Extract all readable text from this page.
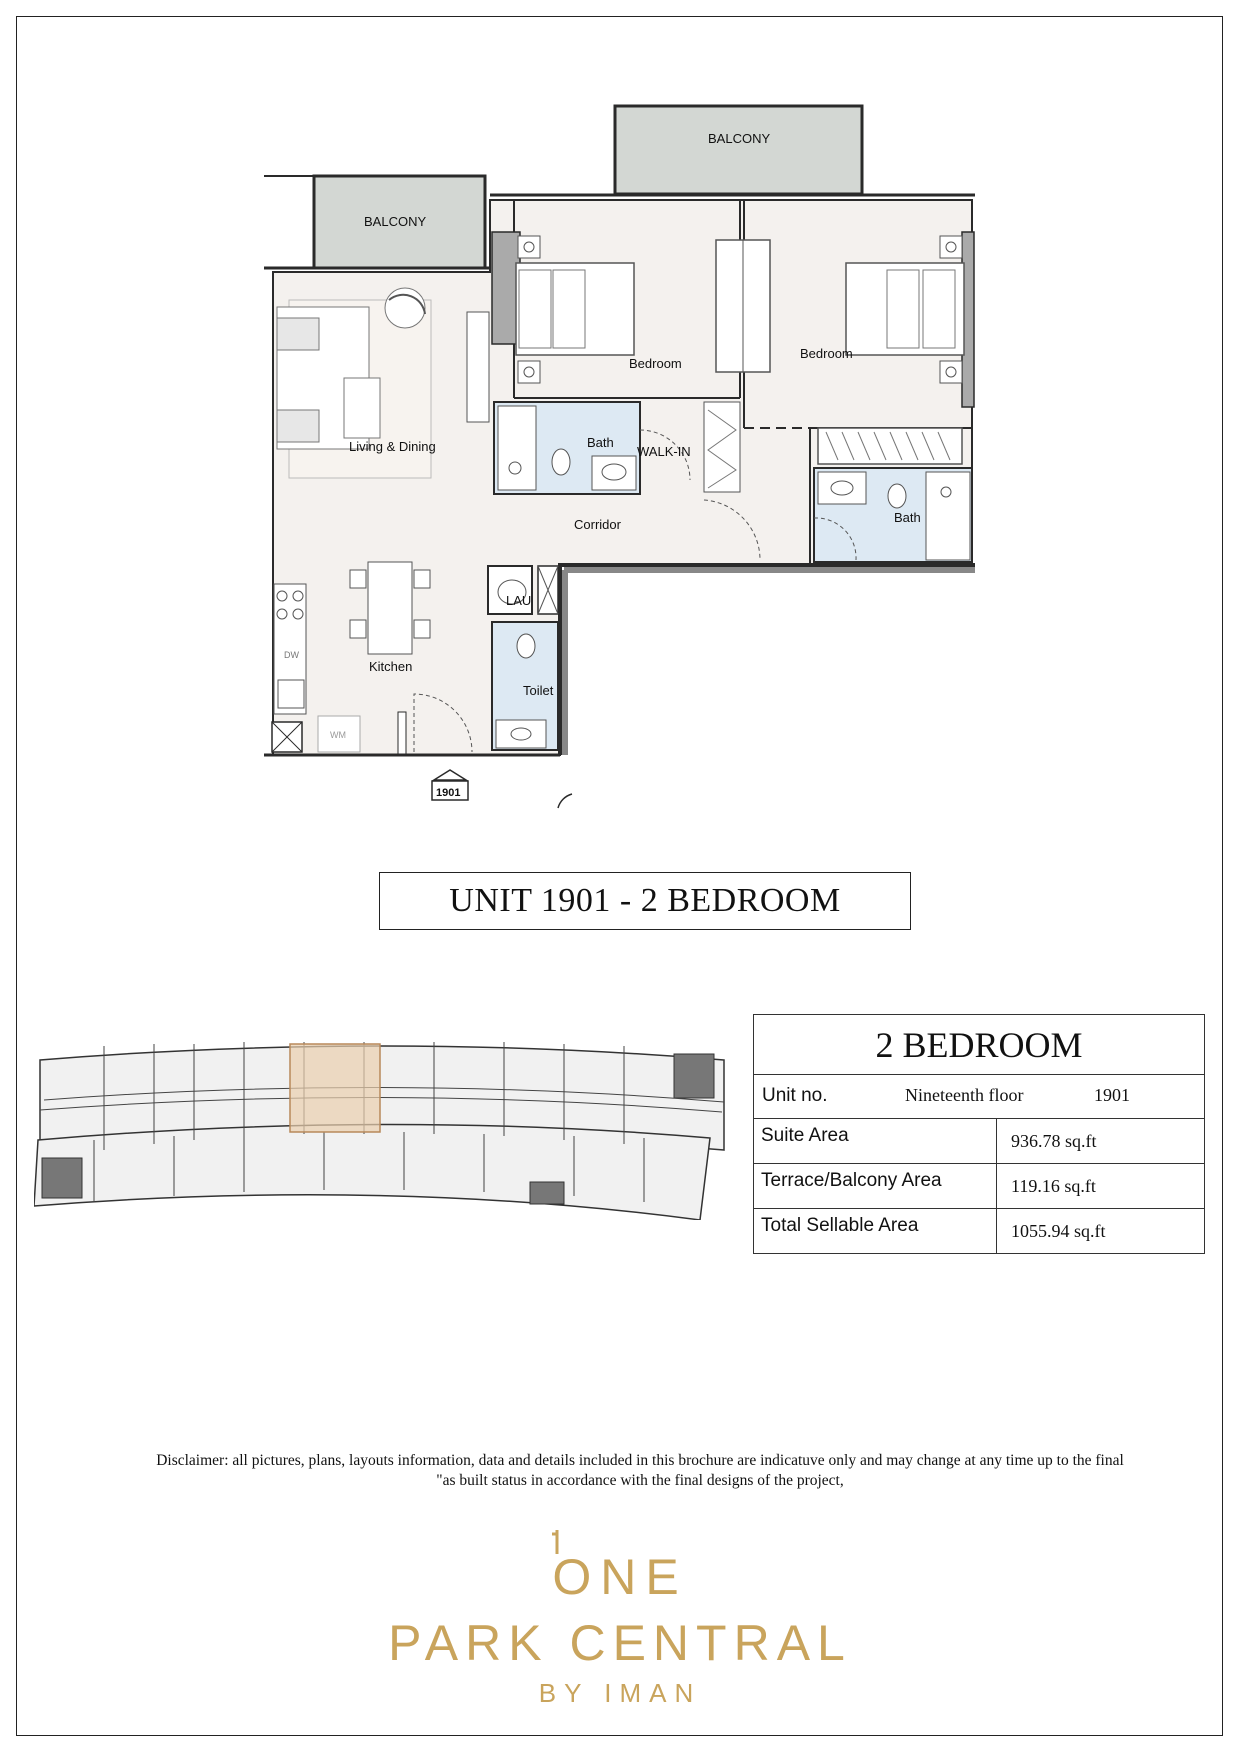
BALCONY
BALCONY
Bedroom
Bedroom
Living & Dining	Bath
WALK-IN
Bath
Corridor
LAU
Kitchen
Toilet
DW
WM
1901
UNIT 1901 - 2 BEDROOM
2 BEDROOM
Unit no.	Nineteenth floor	1901
Suite Area	936.78 sq.ft
Terrace/Balcony Area	119.16 sq.ft
Total Sellable Area	1055.94 sq.ft
Disclaimer: all pictures, plans, layouts information, data and details included in this brochure are indicatuve only and may change at any time up to the final
"as built status in accordance with the final designs of the project,
ONE
PARK CENTRAL
BY IMAN
